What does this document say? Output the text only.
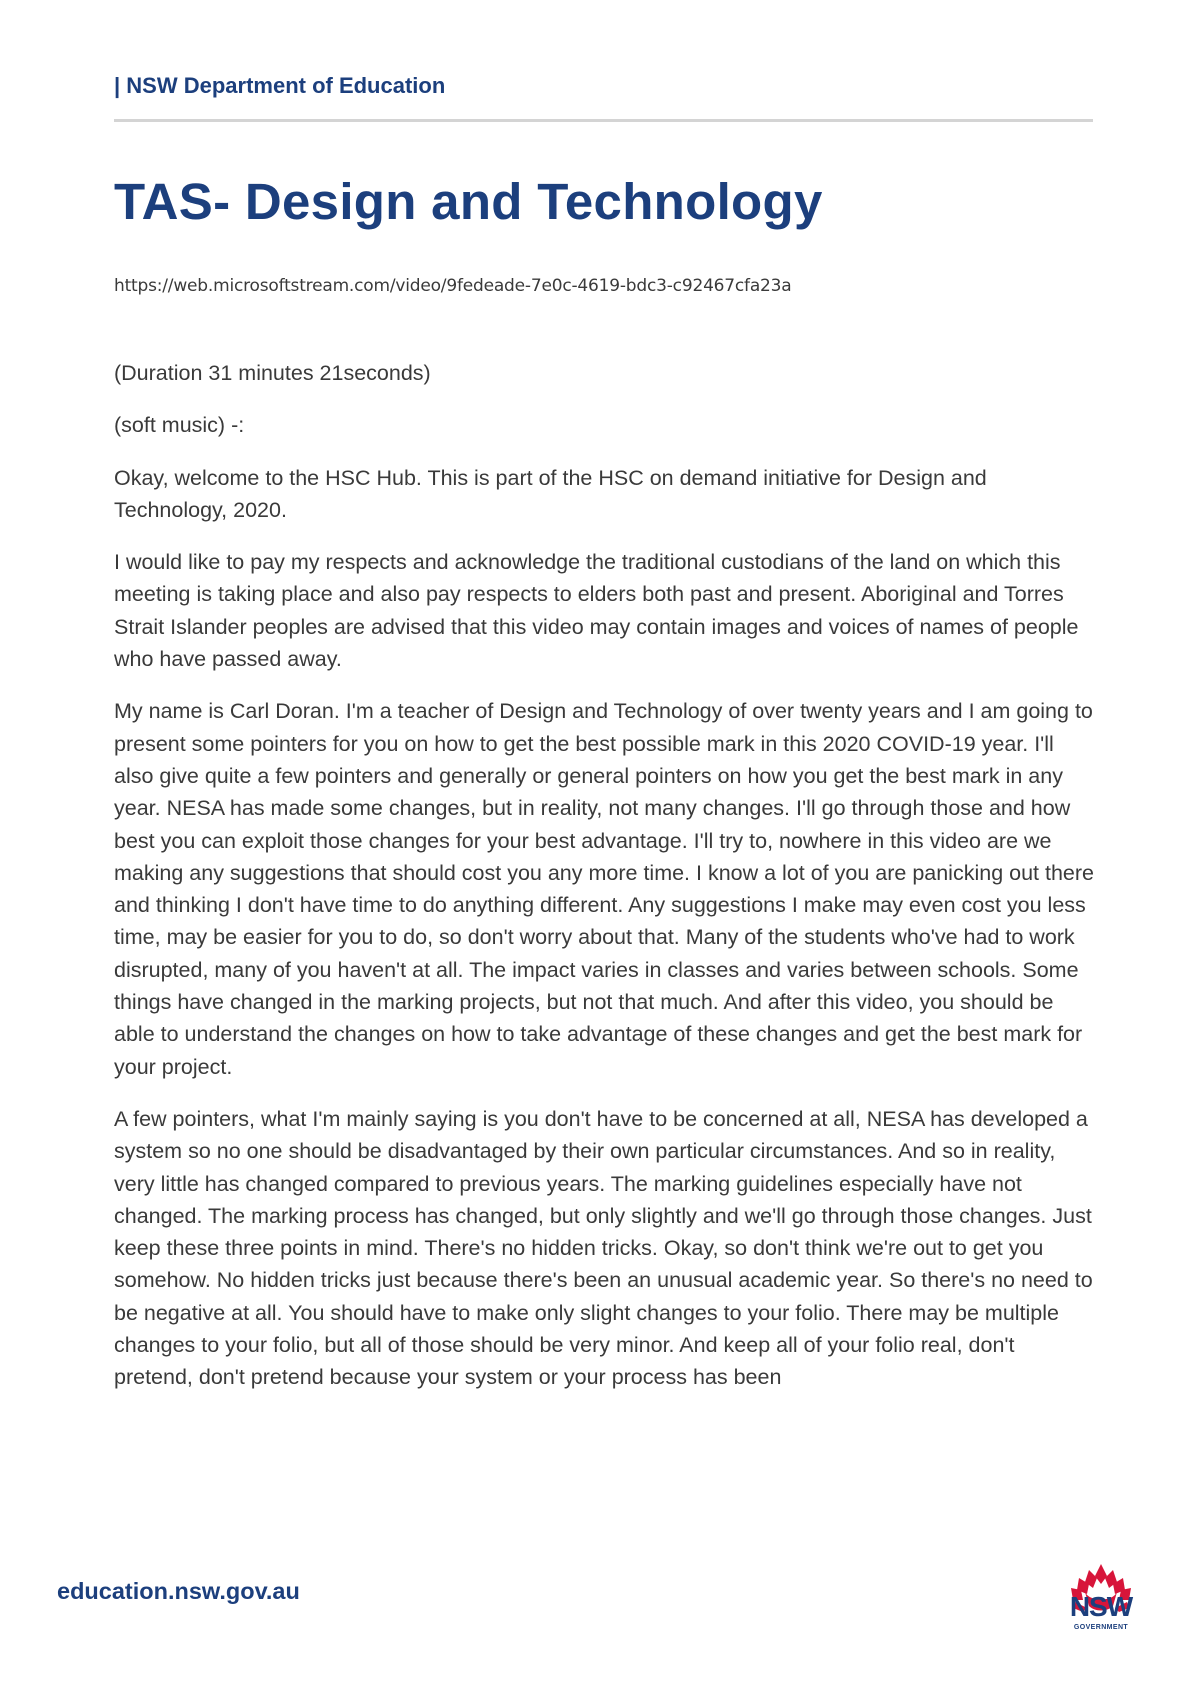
| NSW Department of Education
TAS- Design and Technology
https://web.microsoftstream.com/video/9fedeade-7e0c-4619-bdc3-c92467cfa23a

(Duration 31 minutes 21seconds)

(soft music) -:

Okay, welcome to the HSC Hub. This is part of the HSC on demand initiative for Design and Technology, 2020.

I would like to pay my respects and acknowledge the traditional custodians of the land on which this meeting is taking place and also pay respects to elders both past and present. Aboriginal and Torres Strait Islander peoples are advised that this video may contain images and voices of names of people who have passed away.

My name is Carl Doran. I'm a teacher of Design and Technology of over twenty years and I am going to present some pointers for you on how to get the best possible mark in this 2020 COVID-19 year. I'll also give quite a few pointers and generally or general pointers on how you get the best mark in any year. NESA has made some changes, but in reality, not many changes. I'll go through those and how best you can exploit those changes for your best advantage. I'll try to, nowhere in this video are we making any suggestions that should cost you any more time. I know a lot of you are panicking out there and thinking I don't have time to do anything different. Any suggestions I make may even cost you less time, may be easier for you to do, so don't worry about that. Many of the students who've had to work disrupted, many of you haven't at all. The impact varies in classes and varies between schools. Some things have changed in the marking projects, but not that much. And after this video, you should be able to understand the changes on how to take advantage of these changes and get the best mark for your project.

A few pointers, what I'm mainly saying is you don't have to be concerned at all, NESA has developed a system so no one should be disadvantaged by their own particular circumstances. And so in reality, very little has changed compared to previous years. The marking guidelines especially have not changed. The marking process has changed, but only slightly and we'll go through those changes. Just keep these three points in mind. There's no hidden tricks. Okay, so don't think we're out to get you somehow. No hidden tricks just because there's been an unusual academic year. So there's no need to be negative at all. You should have to make only slight changes to your folio. There may be multiple changes to your folio, but all of those should be very minor. And keep all of your folio real, don't pretend, don't pretend because your system or your process has been

education.nsw.gov.au	NSW
GOVERNMENT
